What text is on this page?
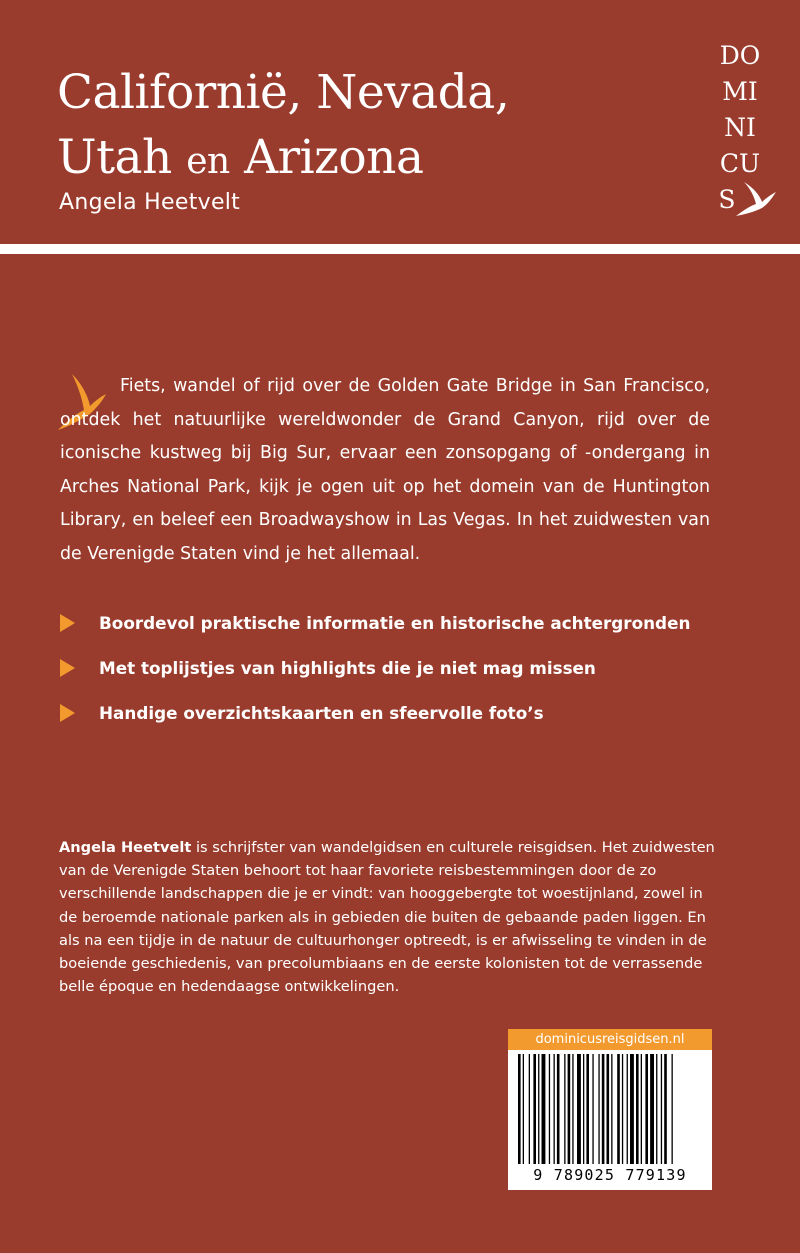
Californië, Nevada,
Utah en Arizona
Angela Heetvelt
DO
MI
NI
CU
S
Fiets, wandel of rijd over de Golden Gate Bridge in San Francisco, ontdek het natuurlijke wereldwonder de Grand Canyon, rijd over de iconische kustweg bij Big Sur, ervaar een zonsopgang of -ondergang in Arches National Park, kijk je ogen uit op het domein van de Huntington Library, en beleef een Broadwayshow in Las Vegas. In het zuidwesten van de Verenigde Staten vind je het allemaal.
Boordevol praktische informatie en historische achtergronden
Met toplijstjes van highlights die je niet mag missen
Handige overzichtskaarten en sfeervolle foto’s
Angela Heetvelt is schrijfster van wandelgidsen en culturele reisgidsen. Het zuidwesten van de Verenigde Staten behoort tot haar favoriete reisbestemmingen door de zo verschillende landschappen die je er vindt: van hooggebergte tot woestijnland, zowel in de beroemde nationale parken als in gebieden die buiten de gebaande paden liggen. En als na een tijdje in de natuur de cultuurhonger optreedt, is er afwisseling te vinden in de boeiende geschiedenis, van precolumbiaans en de eerste kolonisten tot de verrassende belle époque en hedendaagse ontwikkelingen.
dominicusreisgidsen.nl
9 789025 779139
